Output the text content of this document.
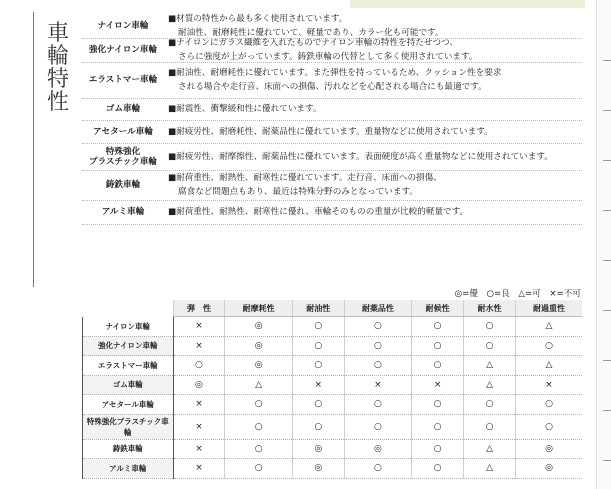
車
輪
特
性
ナイロン車輪
■材質の特性から最も多く使用されています。
耐油性、耐磨耗性に優れていて、軽量であり、カラー化も可能です。
強化ナイロン車輪
■ナイロンにガラス繊維を入れたものでナイロン車輪の特性を持たせつつ、
さらに強度が上がっています。鋳鉄車輪の代替として多く使用されています。
エラストマー車輪
■耐油性、耐磨耗性に優れています。また弾性を持っているため、クッション性を要求
される場合や走行音、床面への損傷、汚れなどを心配される場合にも最適です。
ゴム車輪	■耐震性、衝撃緩和性に優れています。
アセタール車輪	■耐疲労性、耐磨耗性、耐薬品性に優れています。重量物などに使用されています。
特殊強化
プラスチック車輪	■耐疲労性、耐摩擦性、耐薬品性に優れています。表面硬度が高く重量物などに使用されています。
鋳鉄車輪
■耐荷重性、耐熱性、耐寒性に優れています。走行音、床面への損傷、
腐食など問題点もあり、最近は特殊分野のみとなっています。
アルミ車輪	■耐荷重性、耐熱性、耐寒性に優れ、車輪そのものの重量が比較的軽量です。
◎=優　○=良　△=可　×=不可
	弾　性	耐摩耗性	耐油性	耐薬品性	耐候性	耐水性	耐過重性
ナイロン車輪	×	◎	○	○	○	○	△
強化ナイロン車輪	×	◎	○	○	○	○	○
エラストマー車輪	○	◎	○	○	○	△	△
ゴム車輪	◎	△	×	×	×	△	×
アセタール車輪	×	○	○	○	○	○	○
特殊強化プラスチック車輪	×	○	○	○	○	○	○
鋳鉄車輪	×	○	◎	◎	○	△	◎
アルミ車輪	×	○	◎	○	○	△	◎
